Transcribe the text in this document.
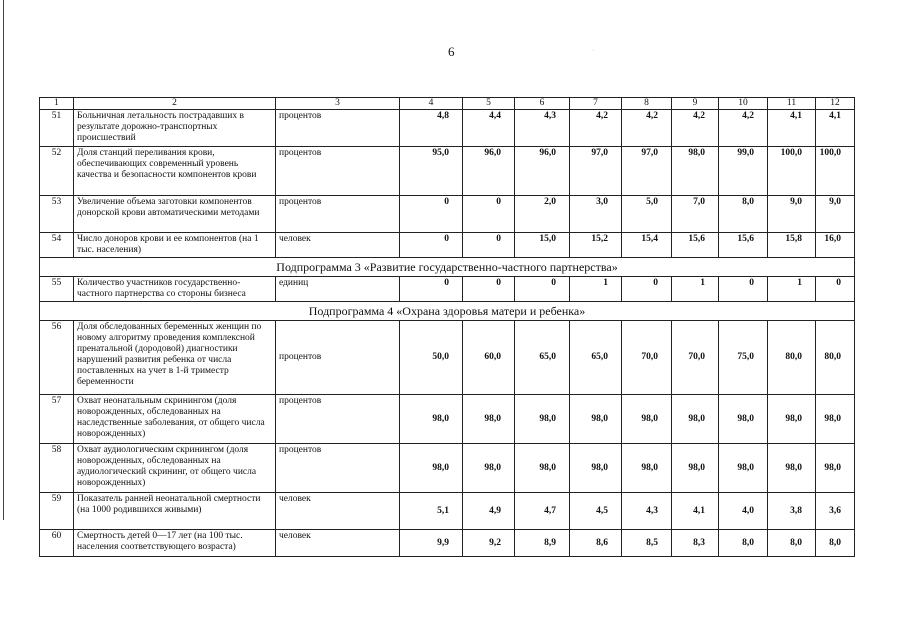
6	·
1	2	3	4	5	6	7	8	9	10	11	12
51	Больничная летальность пострадавших в результате дорожно-транспортных происшествий	процентов	4,8	4,4	4,3	4,2	4,2	4,2	4,2	4,1	4,1
52	Доля станций переливания крови, обеспечивающих современный уровень качества и безопасности компонентов крови	процентов	95,0	96,0	96,0	97,0	97,0	98,0	99,0	100,0	100,0
53	Увеличение объема заготовки компонентов донорской крови автоматическими методами	процентов	0	0	2,0	3,0	5,0	7,0	8,0	9,0	9,0
54	Число доноров крови и ее компонентов (на 1 тыс. населения)	человек	0	0	15,0	15,2	15,4	15,6	15,6	15,8	16,0
Подпрограмма 3 «Развитие государственно-частного партнерства»											
55	Количество участников государственно-частного партнерства со стороны бизнеса	единиц	0	0	0	1	0	1	0	1	0
Подпрограмма 4 «Охрана здоровья матери и ребенка»											
56	Доля обследованных беременных женщин по новому алгоритму проведения комплексной пренатальной (дородовой) диагностики нарушений развития ребенка от числа поставленных на учет в 1-й триместр беременности	процентов	50,0	60,0	65,0	65,0	70,0	70,0	75,0	80,0	80,0
57	Охват неонатальным скринингом (доля новорожденных, обследованных на наследственные заболевания, от общего числа новорожденных)	процентов	98,0	98,0	98,0	98,0	98,0	98,0	98,0	98,0	98,0
58	Охват аудиологическим скринингом (доля новорожденных, обследованных на аудиологический скрининг, от общего числа новорожденных)	процентов	98,0	98,0	98,0	98,0	98,0	98,0	98,0	98,0	98,0
59	Показатель ранней неонатальной смертности (на 1000 родившихся живыми)	человек	5,1	4,9	4,7	4,5	4,3	4,1	4,0	3,8	3,6
60	Смертность детей 0—17 лет (на 100 тыс. населения соответствующего возраста)	человек	9,9	9,2	8,9	8,6	8,5	8,3	8,0	8,0	8,0
